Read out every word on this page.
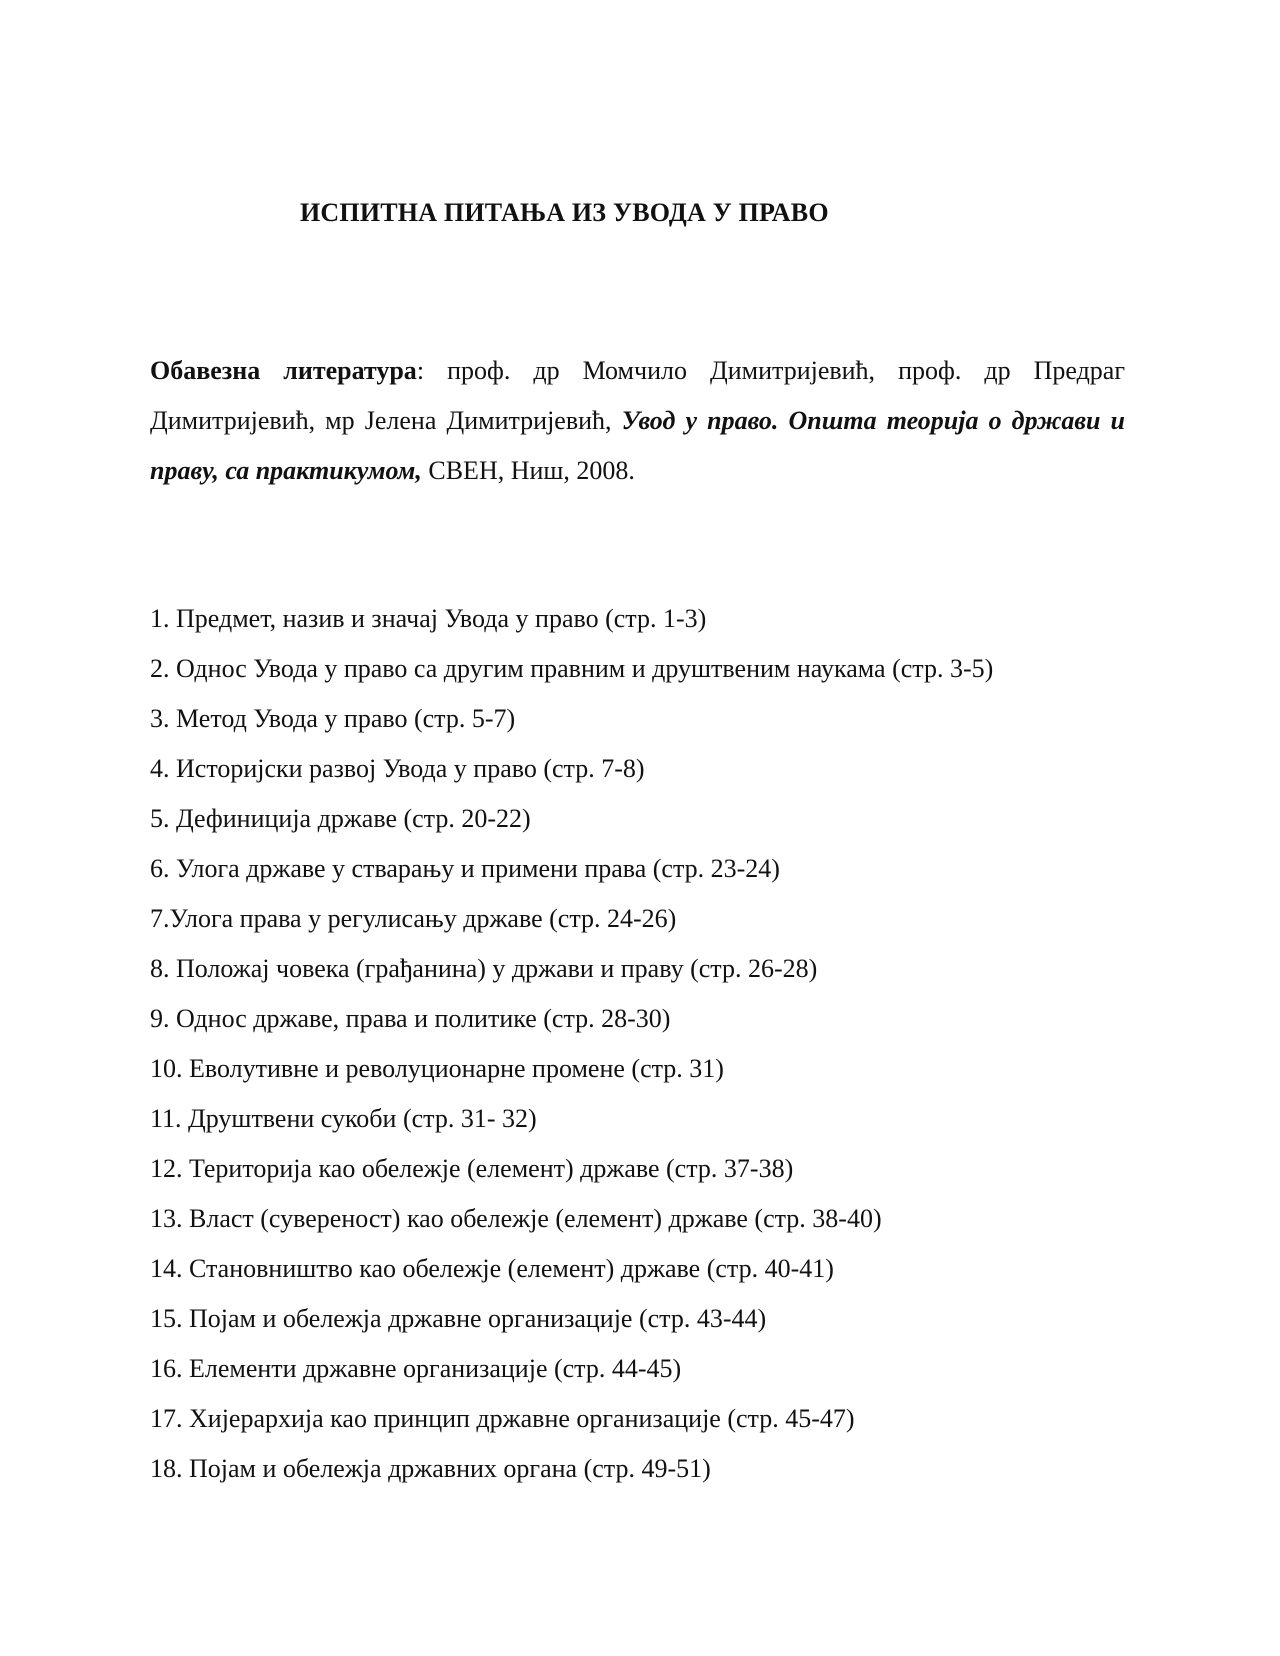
ИСПИТНА ПИТАЊА ИЗ УВОДА У ПРАВО

Обавезна литература: проф. др Момчило Димитријевић, проф. др Предраг Димитријевић, мр Јелена Димитријевић, Увод у право. Општа теорија о држави и праву, са практикумом, СВЕН, Ниш, 2008.

1. Предмет, назив и значај Увода у право (стр. 1-3)
2. Однос Увода у право са другим правним и друштвеним наукама (стр. 3-5)
3. Метод Увода у право (стр. 5-7)
4. Историјски развој Увода у право (стр. 7-8)
5. Дефиниција државе (стр. 20-22)
6. Улога државе у стварању и примени права (стр. 23-24)
7.Улога права у регулисању државе (стр. 24-26)
8. Положај човека (грађанина) у држави и праву (стр. 26-28)
9. Однос државе, права и политике (стр. 28-30)
10. Еволутивне и револуционарне промене (стр. 31)
11. Друштвени сукоби (стр. 31- 32)
12. Територија као обележје (елемент) државе (стр. 37-38)
13. Власт (сувереност) као обележје (елемент) државе (стр. 38-40)
14. Становништво као обележје (елемент) државе (стр. 40-41)
15. Појам и обележја државне организације (стр. 43-44)
16. Елементи државне организације (стр. 44-45)
17. Хијерархија као принцип државне организације (стр. 45-47)
18. Појам и обележја државних органа (стр. 49-51)
